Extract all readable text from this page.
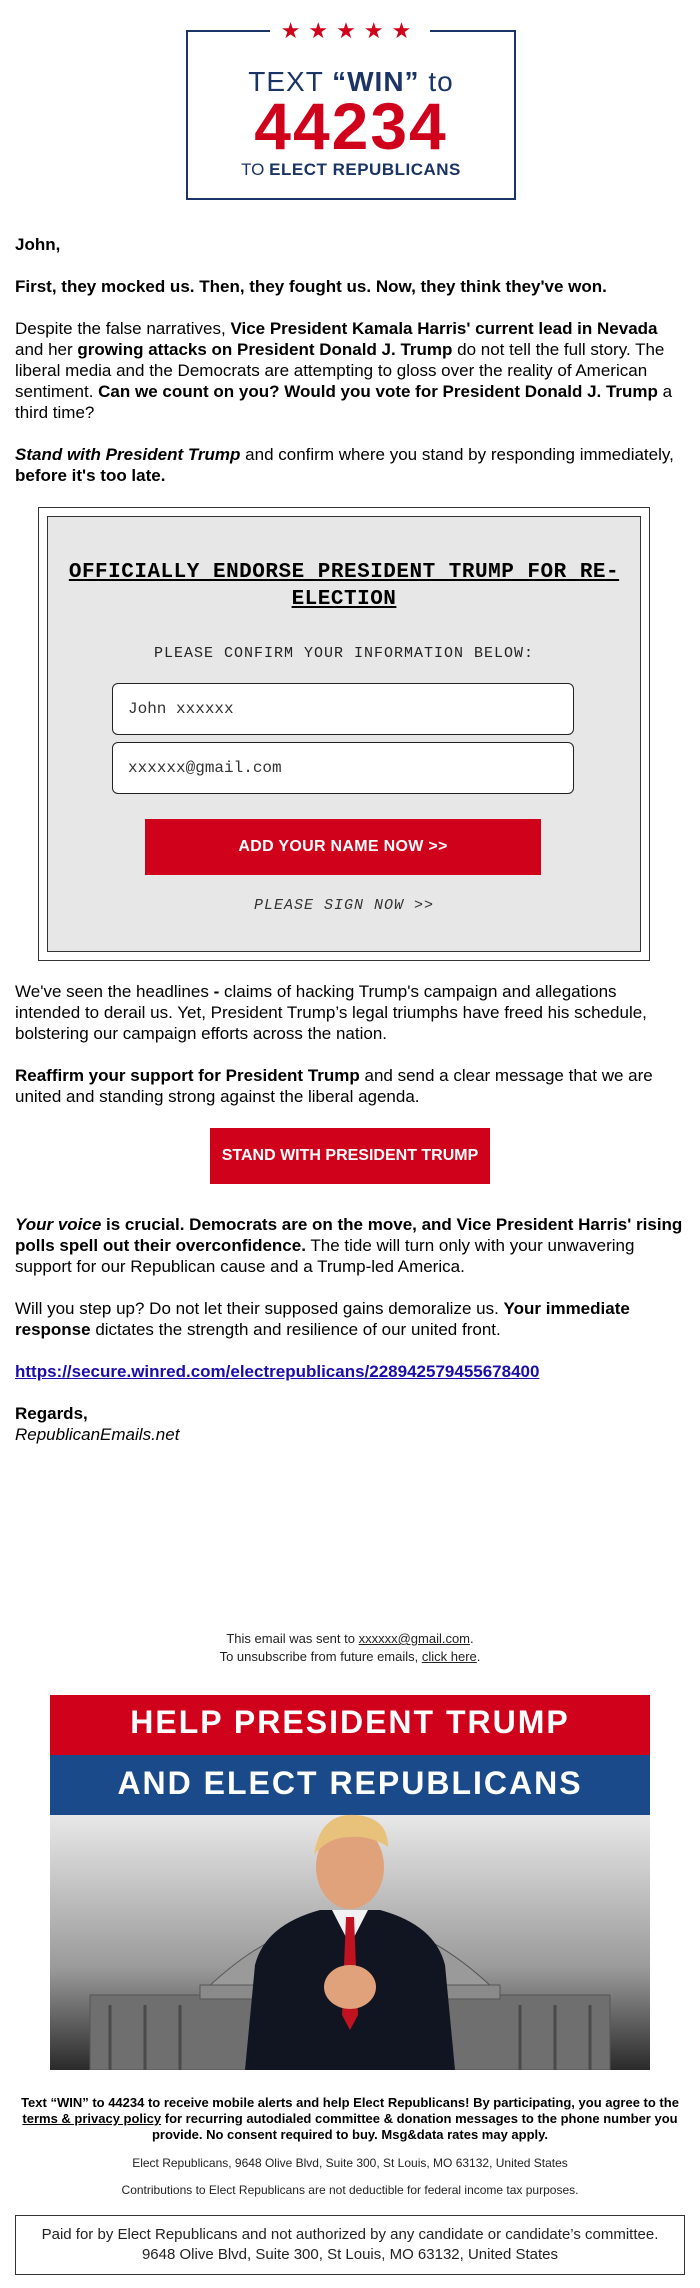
TEXT “WIN” to
44234
TO ELECT REPUBLICANS
★★★★★

John,

First, they mocked us. Then, they fought us. Now, they think they've won.

Despite the false narratives, Vice President Kamala Harris' current lead in Nevada and her growing attacks on President Donald J. Trump do not tell the full story. The liberal media and the Democrats are attempting to gloss over the reality of American sentiment. Can we count on you? Would you vote for President Donald J. Trump a third time?

Stand with President Trump and confirm where you stand by responding immediately, before it's too late.

OFFICIALLY ENDORSE PRESIDENT TRUMP FOR RE-ELECTION
PLEASE CONFIRM YOUR INFORMATION BELOW:
John xxxxxx
xxxxxx@gmail.com
ADD YOUR NAME NOW >>
PLEASE SIGN NOW >>

We've seen the headlines - claims of hacking Trump's campaign and allegations intended to derail us. Yet, President Trump’s legal triumphs have freed his schedule, bolstering our campaign efforts across the nation.

Reaffirm your support for President Trump and send a clear message that we are united and standing strong against the liberal agenda.

STAND WITH PRESIDENT TRUMP

Your voice is crucial. Democrats are on the move, and Vice President Harris' rising polls spell out their overconfidence. The tide will turn only with your unwavering support for our Republican cause and a Trump-led America.

Will you step up? Do not let their supposed gains demoralize us. Your immediate response dictates the strength and resilience of our united front.

https://secure.winred.com/electrepublicans/228942579455678400

Regards,
RepublicanEmails.net

This email was sent to xxxxxx@gmail.com.
To unsubscribe from future emails, click here.
HELP PRESIDENT TRUMP
AND ELECT REPUBLICANS
Text “WIN” to 44234 to receive mobile alerts and help Elect Republicans! By participating, you agree to the terms & privacy policy for recurring autodialed committee & donation messages to the phone number you provide. No consent required to buy. Msg&data rates may apply.
Elect Republicans, 9648 Olive Blvd, Suite 300, St Louis, MO 63132, United States
Contributions to Elect Republicans are not deductible for federal income tax purposes.
Paid for by Elect Republicans and not authorized by any candidate or candidate’s committee. 9648 Olive Blvd, Suite 300, St Louis, MO 63132, United States
